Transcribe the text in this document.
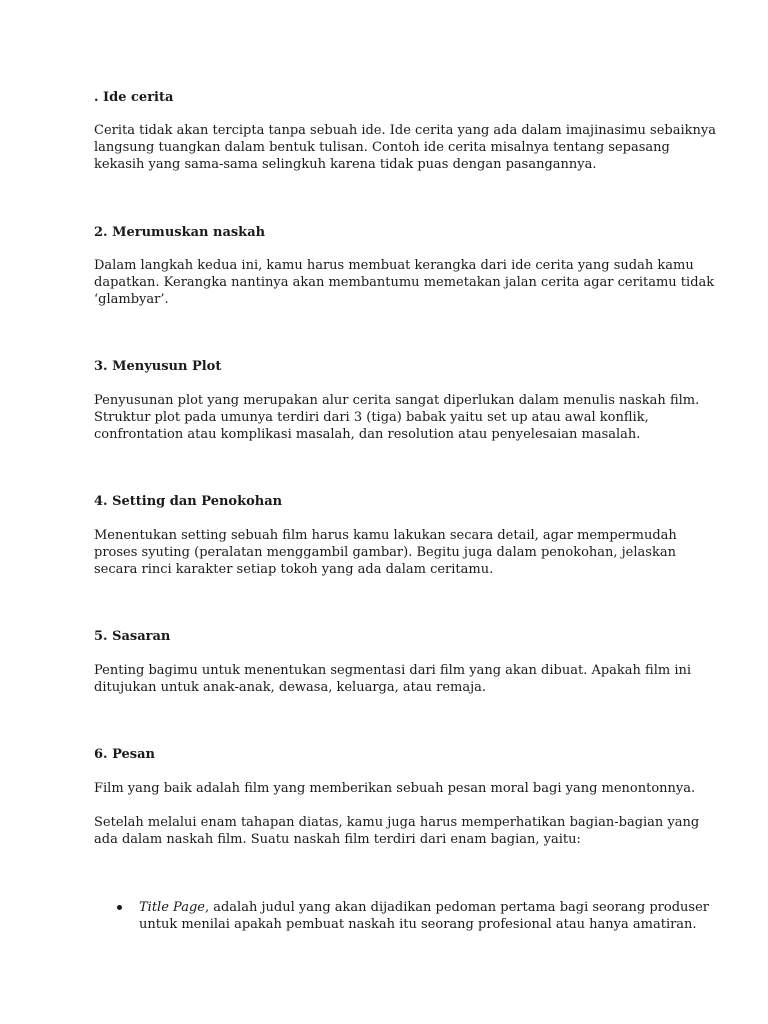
. Ide cerita

Cerita tidak akan tercipta tanpa sebuah ide. Ide cerita yang ada dalam imajinasimu sebaiknya
langsung tuangkan dalam bentuk tulisan. Contoh ide cerita misalnya tentang sepasang
kekasih yang sama-sama selingkuh karena tidak puas dengan pasangannya.

2. Merumuskan naskah

Dalam langkah kedua ini, kamu harus membuat kerangka dari ide cerita yang sudah kamu
dapatkan. Kerangka nantinya akan membantumu memetakan jalan cerita agar ceritamu tidak
‘glambyar’.

3. Menyusun Plot

Penyusunan plot yang merupakan alur cerita sangat diperlukan dalam menulis naskah film.
Struktur plot pada umunya terdiri dari 3 (tiga) babak yaitu set up atau awal konflik,
confrontation atau komplikasi masalah, dan resolution atau penyelesaian masalah.

4. Setting dan Penokohan

Menentukan setting sebuah film harus kamu lakukan secara detail, agar mempermudah
proses syuting (peralatan menggambil gambar). Begitu juga dalam penokohan, jelaskan
secara rinci karakter setiap tokoh yang ada dalam ceritamu.

5. Sasaran

Penting bagimu untuk menentukan segmentasi dari film yang akan dibuat. Apakah film ini
ditujukan untuk anak-anak, dewasa, keluarga, atau remaja.

6. Pesan

Film yang baik adalah film yang memberikan sebuah pesan moral bagi yang menontonnya.

Setelah melalui enam tahapan diatas, kamu juga harus memperhatikan bagian-bagian yang
ada dalam naskah film. Suatu naskah film terdiri dari enam bagian, yaitu:

Title Page, adalah judul yang akan dijadikan pedoman pertama bagi seorang produser
untuk menilai apakah pembuat naskah itu seorang profesional atau hanya amatiran.
